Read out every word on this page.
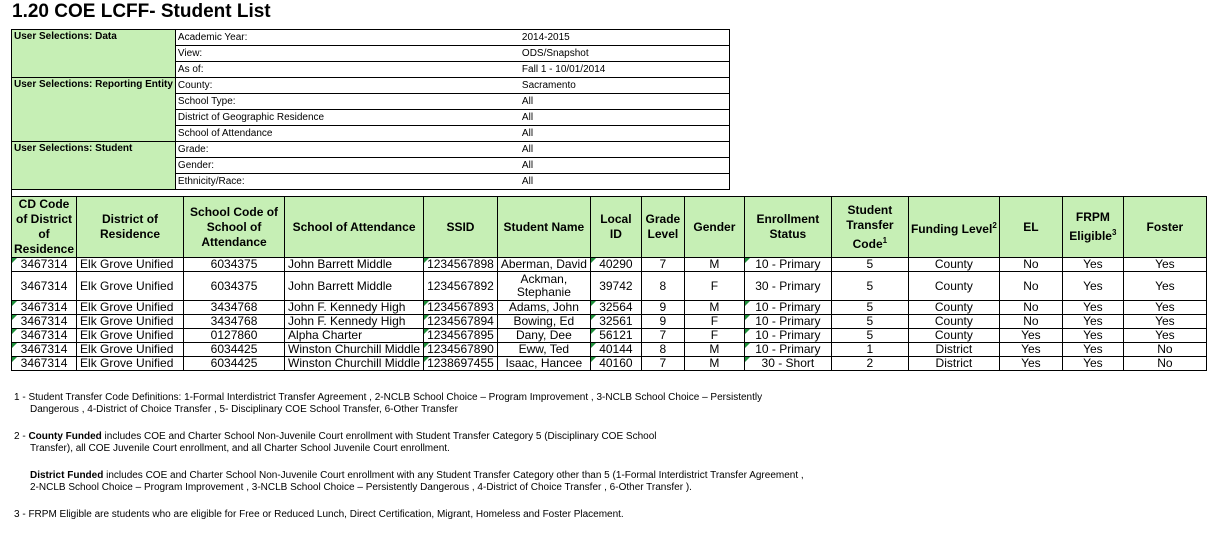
1.20 COE LCFF- Student List
User Selections: Data	Academic Year:	2014-2015
	View:	ODS/Snapshot
	As of:	Fall 1 - 10/01/2014
User Selections: Reporting Entity	County:	Sacramento
	School Type:	All
	District of Geographic Residence	All
	School of Attendance	All
User Selections: Student	Grade:	All
	Gender:	All
	Ethnicity/Race:	All

CD Code of District of Residence	District of Residence	School Code of School of Attendance	School of Attendance	SSID	Student Name	Local ID	Grade Level	Gender	Enrollment Status	Student Transfer Code$^1$	Funding Level$^2$	EL	FRPM Eligible$^3$	Foster
3467314	Elk Grove Unified	6034375	John Barrett Middle	1234567898	Aberman, David	40290	7	M	10 - Primary	5	County	No	Yes	Yes
3467314	Elk Grove Unified	6034375	John Barrett Middle	1234567892	Ackman, Stephanie	39742	8	F	30 - Primary	5	County	No	Yes	Yes
3467314	Elk Grove Unified	3434768	John F. Kennedy High	1234567893	Adams, John	32564	9	M	10 - Primary	5	County	No	Yes	Yes
3467314	Elk Grove Unified	3434768	John F. Kennedy High	1234567894	Bowing, Ed	32561	9	F	10 - Primary	5	County	No	Yes	Yes
3467314	Elk Grove Unified	0127860	Alpha Charter	1234567895	Dany, Dee	56121	7	F	10 - Primary	5	County	Yes	Yes	Yes
3467314	Elk Grove Unified	6034425	Winston Churchill Middle	1234567890	Eww, Ted	40144	8	M	10 - Primary	1	District	Yes	Yes	No
3467314	Elk Grove Unified	6034425	Winston Churchill Middle	1238697455	Isaac, Hancee	40160	7	M	30 - Short	2	District	Yes	Yes	No
1 - Student Transfer Code Definitions: 1-Formal Interdistrict Transfer Agreement , 2-NCLB School Choice – Program Improvement , 3-NCLB School Choice – Persistently
Dangerous , 4-District of Choice Transfer , 5- Disciplinary COE School Transfer, 6-Other Transfer
2 - County Funded includes COE and Charter School Non-Juvenile Court enrollment with Student Transfer Category 5 (Disciplinary COE School
Transfer), all COE Juvenile Court enrollment, and all Charter School Juvenile Court enrollment.
District Funded includes COE and Charter School Non-Juvenile Court enrollment with any Student Transfer Category other than 5 (1-Formal Interdistrict Transfer Agreement ,
2-NCLB School Choice – Program Improvement , 3-NCLB School Choice – Persistently Dangerous , 4-District of Choice Transfer , 6-Other Transfer ).
3 - FRPM Eligible are students who are eligible for Free or Reduced Lunch, Direct Certification, Migrant, Homeless and Foster Placement.
